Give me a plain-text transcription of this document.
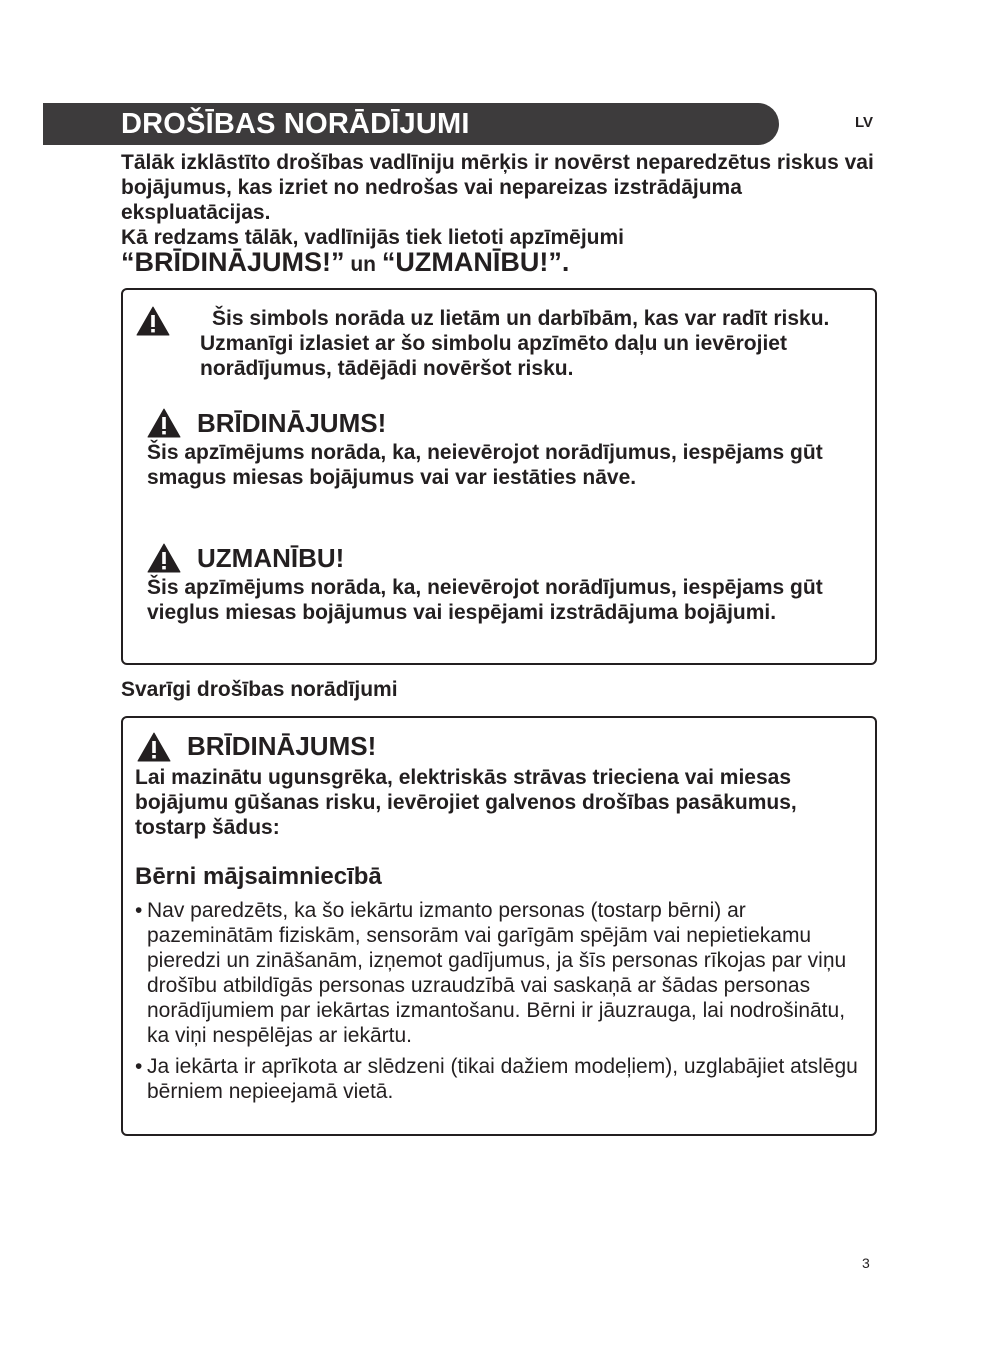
DROŠĪBAS NORĀDĪJUMI	LV

Tālāk izklāstīto drošības vadlīniju mērķis ir novērst neparedzētus riskus vai bojājumus, kas izriet no nedrošas vai nepareizas izstrādājuma ekspluatācijas.

Kā redzams tālāk, vadlīnijās tiek lietoti apzīmējumi

“BRĪDINĀJUMS!” un “UZMANĪBU!”.

Šis simbols norāda uz lietām un darbībām, kas var radīt risku. Uzmanīgi izlasiet ar šo simbolu apzīmēto daļu un ievērojiet norādījumus, tādējādi novēršot risku.
BRĪDINĀJUMS!
Šis apzīmējums norāda, ka, neievērojot norādījumus, iespējams gūt smagus miesas bojājumus vai var iestāties nāve.
UZMANĪBU!
Šis apzīmējums norāda, ka, neievērojot norādījumus, iespējams gūt vieglus miesas bojājumus vai iespējami izstrādājuma bojājumi.
Svarīgi drošības norādījumi
BRĪDINĀJUMS!
Lai mazinātu ugunsgrēka, elektriskās strāvas trieciena vai miesas bojājumu gūšanas risku, ievērojiet galvenos drošības pasākumus, tostarp šādus:
Bērni mājsaimniecībā
• Nav paredzēts, ka šo iekārtu izmanto personas (tostarp bērni) ar pazeminātām fiziskām, sensorām vai garīgām spējām vai nepietiekamu pieredzi un zināšanām, izņemot gadījumus, ja šīs personas rīkojas par viņu drošību atbildīgās personas uzraudzībā vai saskaņā ar šādas personas norādījumiem par iekārtas izmantošanu. Bērni ir jāuzrauga, lai nodrošinātu, ka viņi nespēlējas ar iekārtu.
• Ja iekārta ir aprīkota ar slēdzeni (tikai dažiem modeļiem), uzglabājiet atslēgu bērniem nepieejamā vietā.
3
